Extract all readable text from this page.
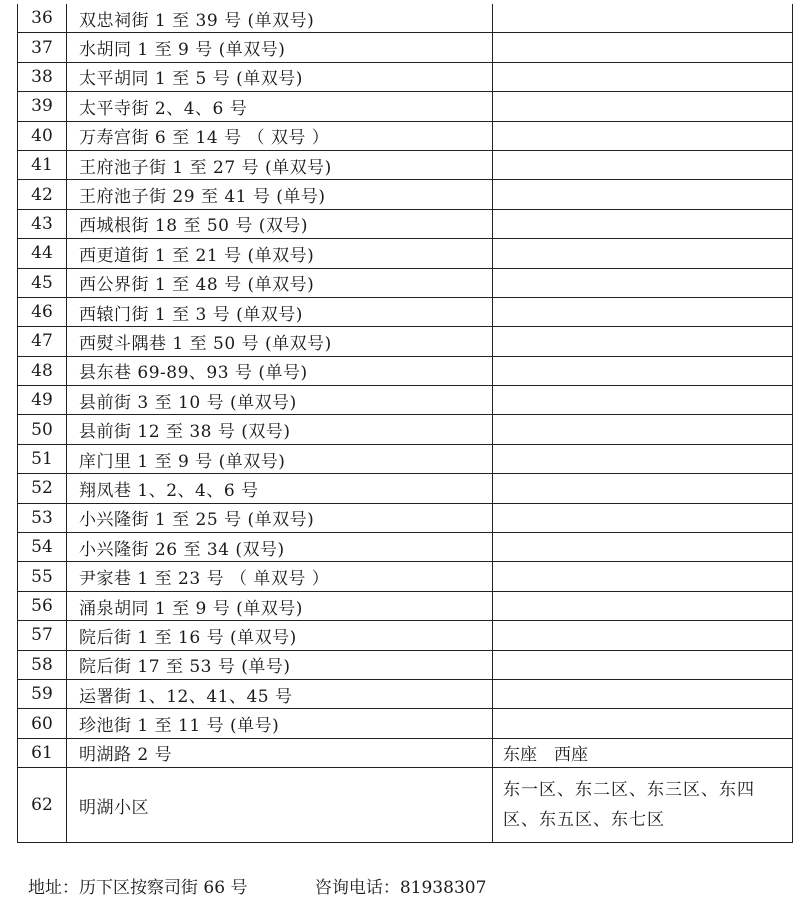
36	双忠祠街 1 至 39 号 (单双号)	
37	水胡同 1 至 9 号 (单双号)	
38	太平胡同 1 至 5 号 (单双号)	
39	太平寺街 2、4、6 号	
40	万寿宫街 6 至 14 号 （ 双号 ）	
41	王府池子街 1 至 27 号 (单双号)	
42	王府池子街 29 至 41 号 (单号)	
43	西城根街 18 至 50 号 (双号)	
44	西更道街 1 至 21 号 (单双号)	
45	西公界街 1 至 48 号 (单双号)	
46	西辕门街 1 至 3 号 (单双号)	
47	西熨斗隅巷 1 至 50 号 (单双号)	
48	县东巷 69-89、93 号 (单号)	
49	县前街 3 至 10 号 (单双号)	
50	县前街 12 至 38 号 (双号)	
51	庠门里 1 至 9 号 (单双号)	
52	翔凤巷 1、2、4、6 号	
53	小兴隆街 1 至 25 号 (单双号)	
54	小兴隆街 26 至 34 (双号)	
55	尹家巷 1 至 23 号 （ 单双号 ）	
56	涌泉胡同 1 至 9 号 (单双号)	
57	院后街 1 至 16 号 (单双号)	
58	院后街 17 至 53 号 (单号)	
59	运署街 1、12、41、45 号	
60	珍池街 1 至 11 号 (单号)	
61	明湖路 2 号	东座　西座
62	明湖小区	东一区、东二区、东三区、东四区、东五区、东七区
地址：历下区按察司街 66 号	咨询电话：81938307
